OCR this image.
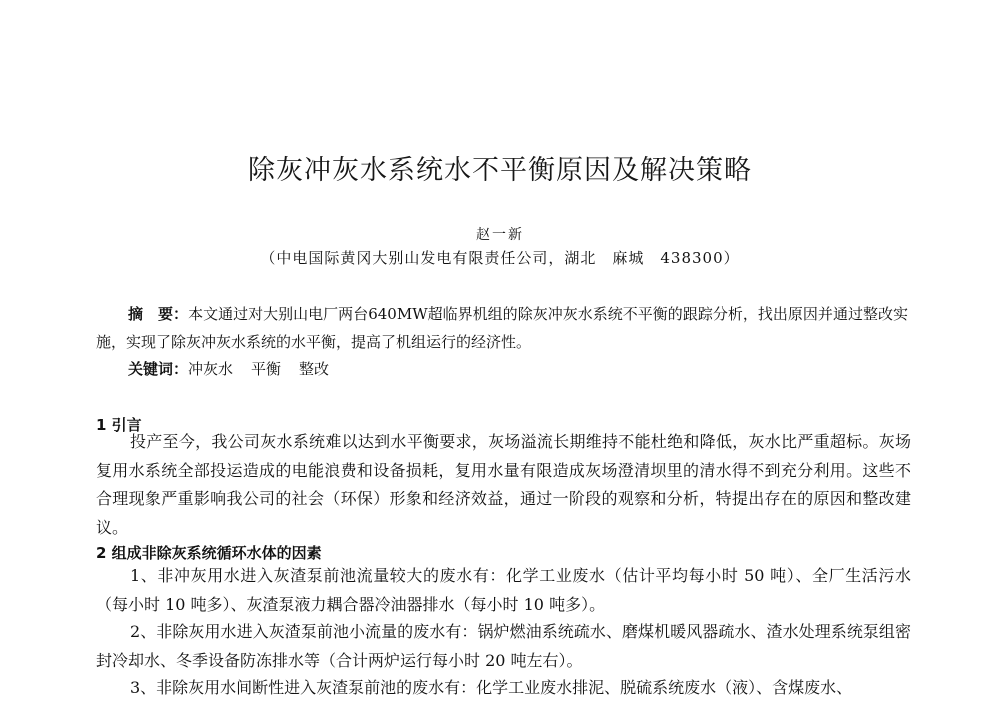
除灰冲灰水系统水不平衡原因及解决策略
赵一新
（中电国际黄冈大别山发电有限责任公司，湖北　麻城　438300）
摘　要：本文通过对大别山电厂两台640MW超临界机组的除灰冲灰水系统不平衡的跟踪分析，找出原因并通过整改实施，实现了除灰冲灰水系统的水平衡，提高了机组运行的经济性。
关键词：冲灰水 平衡 整改
1 引言
投产至今，我公司灰水系统难以达到水平衡要求，灰场溢流长期维持不能杜绝和降低，灰水比严重超标。灰场复用水系统全部投运造成的电能浪费和设备损耗，复用水量有限造成灰场澄清坝里的清水得不到充分利用。这些不合理现象严重影响我公司的社会（环保）形象和经济效益，通过一阶段的观察和分析，特提出存在的原因和整改建议。
2 组成非除灰系统循环水体的因素
1、非冲灰用水进入灰渣泵前池流量较大的废水有：化学工业废水（估计平均每小时 50 吨）、全厂生活污水（每小时 10 吨多）、灰渣泵液力耦合器冷油器排水（每小时 10 吨多）。
2、非除灰用水进入灰渣泵前池小流量的废水有：锅炉燃油系统疏水、磨煤机暖风器疏水、渣水处理系统泵组密封冷却水、冬季设备防冻排水等（合计两炉运行每小时 20 吨左右）。
3、非除灰用水间断性进入灰渣泵前池的废水有：化学工业废水排泥、脱硫系统废水（液）、含煤废水、
